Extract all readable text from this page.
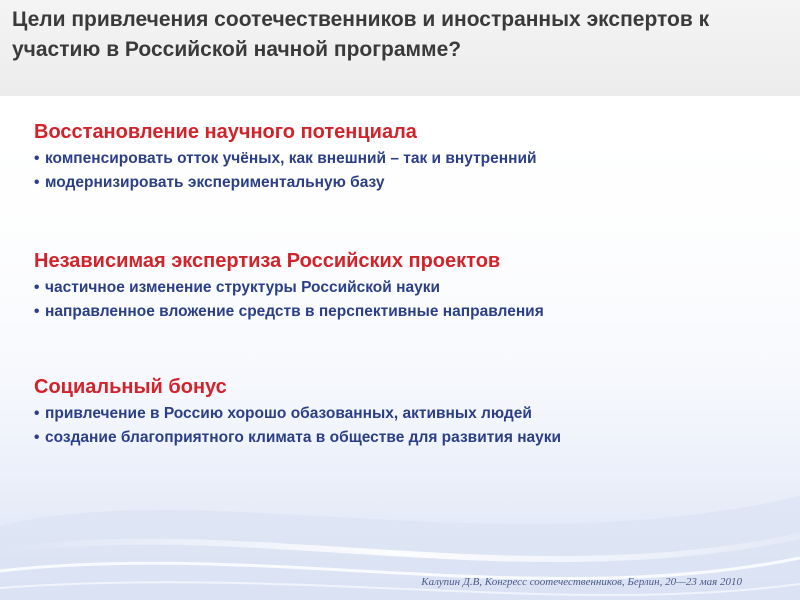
Цели привлечения соотечественников и иностранных экспертов к участию в Российской начной программе?

Восстановление научного потенциала

• компенсировать отток учёных, как внешний – так и внутренний

• модернизировать экспериментальную базу

Независимая экспертиза Российских проектов

• частичное изменение структуры Российской науки

• направленное вложение средств в перспективные направления

Социальный бонус

• привлечение в Россию хорошо обазованных, активных людей

• создание благоприятного климата в обществе для развития науки

Калупин Д.В, Конгресс соотечественников, Берлин, 20—23 мая 2010
